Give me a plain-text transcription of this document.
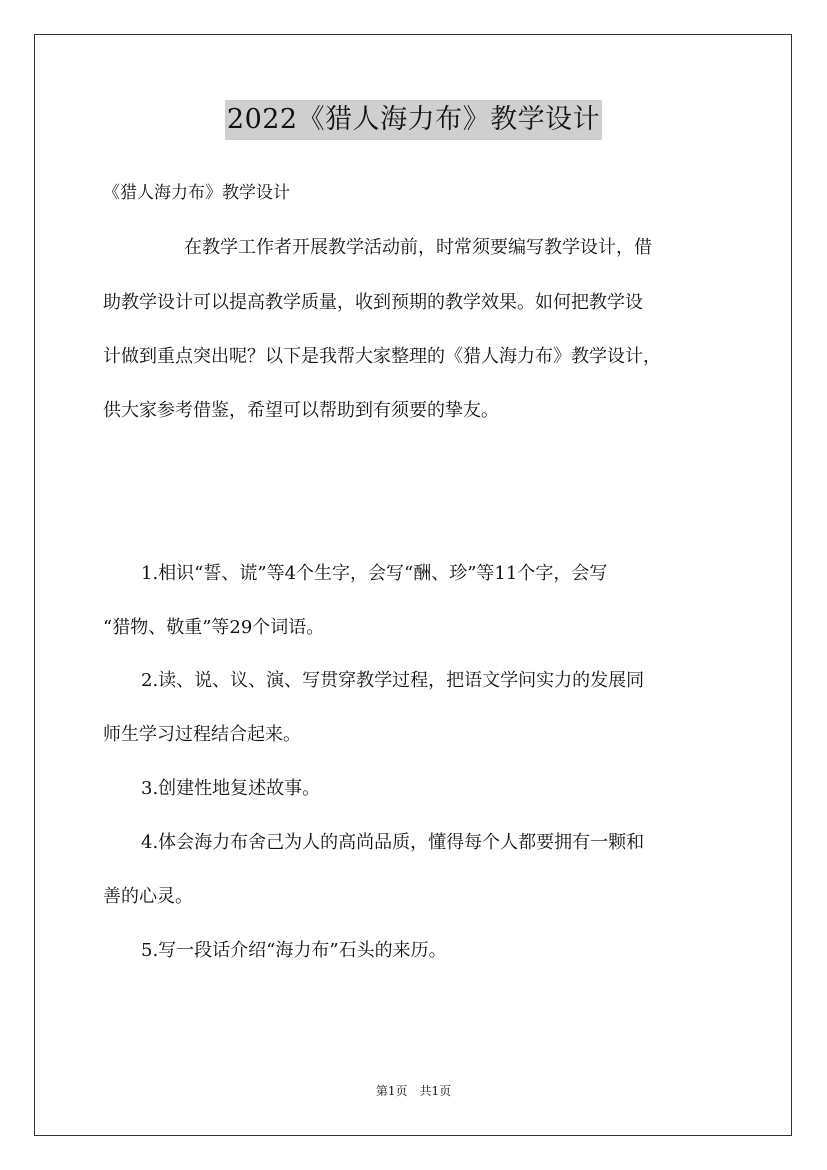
2022《猎人海力布》教学设计
《猎人海力布》教学设计
在教学工作者开展教学活动前，时常须要编写教学设计，借
助教学设计可以提高教学质量，收到预期的教学效果。如何把教学设
计做到重点突出呢？以下是我帮大家整理的《猎人海力布》教学设计，
供大家参考借鉴，希望可以帮助到有须要的挚友。
1.相识“誓、谎”等4个生字，会写“酬、珍”等11个字，会写
“猎物、敬重”等29个词语。
2.读、说、议、演、写贯穿教学过程，把语文学问实力的发展同
师生学习过程结合起来。
3.创建性地复述故事。
4.体会海力布舍己为人的高尚品质，懂得每个人都要拥有一颗和
善的心灵。
5.写一段话介绍“海力布”石头的来历。
第1页　共1页
